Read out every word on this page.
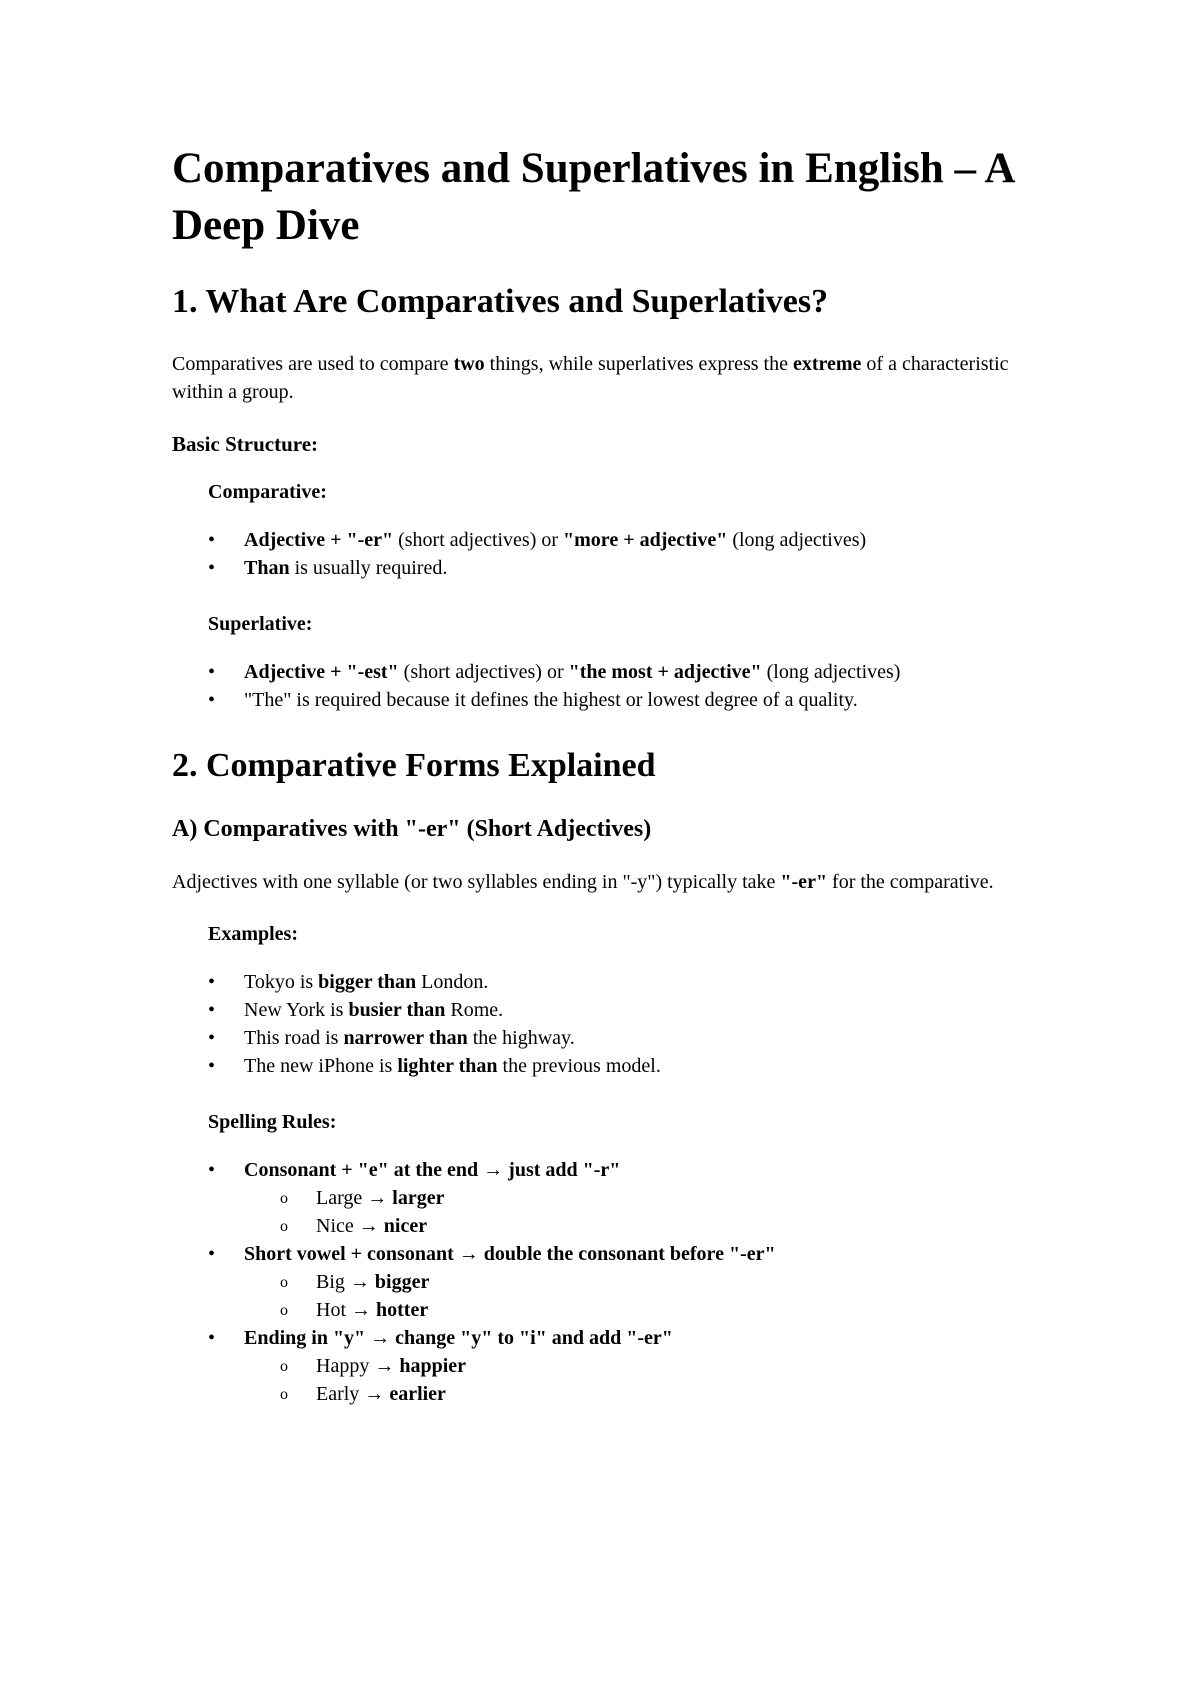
Comparatives and Superlatives in English – A Deep Dive
1. What Are Comparatives and Superlatives?

Comparatives are used to compare two things, while superlatives express the extreme of a characteristic within a group.

Basic Structure:
Comparative:
• Adjective + "-er" (short adjectives) or "more + adjective" (long adjectives)
• Than is usually required.
Superlative:
• Adjective + "-est" (short adjectives) or "the most + adjective" (long adjectives)
• "The" is required because it defines the highest or lowest degree of a quality.
2. Comparative Forms Explained
A) Comparatives with "-er" (Short Adjectives)

Adjectives with one syllable (or two syllables ending in "-y") typically take "-er" for the comparative.

Examples:
• Tokyo is bigger than London.
• New York is busier than Rome.
• This road is narrower than the highway.
• The new iPhone is lighter than the previous model.
Spelling Rules:
• Consonant + "e" at the end → just add "-r"
o Large → larger
o Nice → nicer
• Short vowel + consonant → double the consonant before "-er"
o Big → bigger
o Hot → hotter
• Ending in "y" → change "y" to "i" and add "-er"
o Happy → happier
o Early → earlier
